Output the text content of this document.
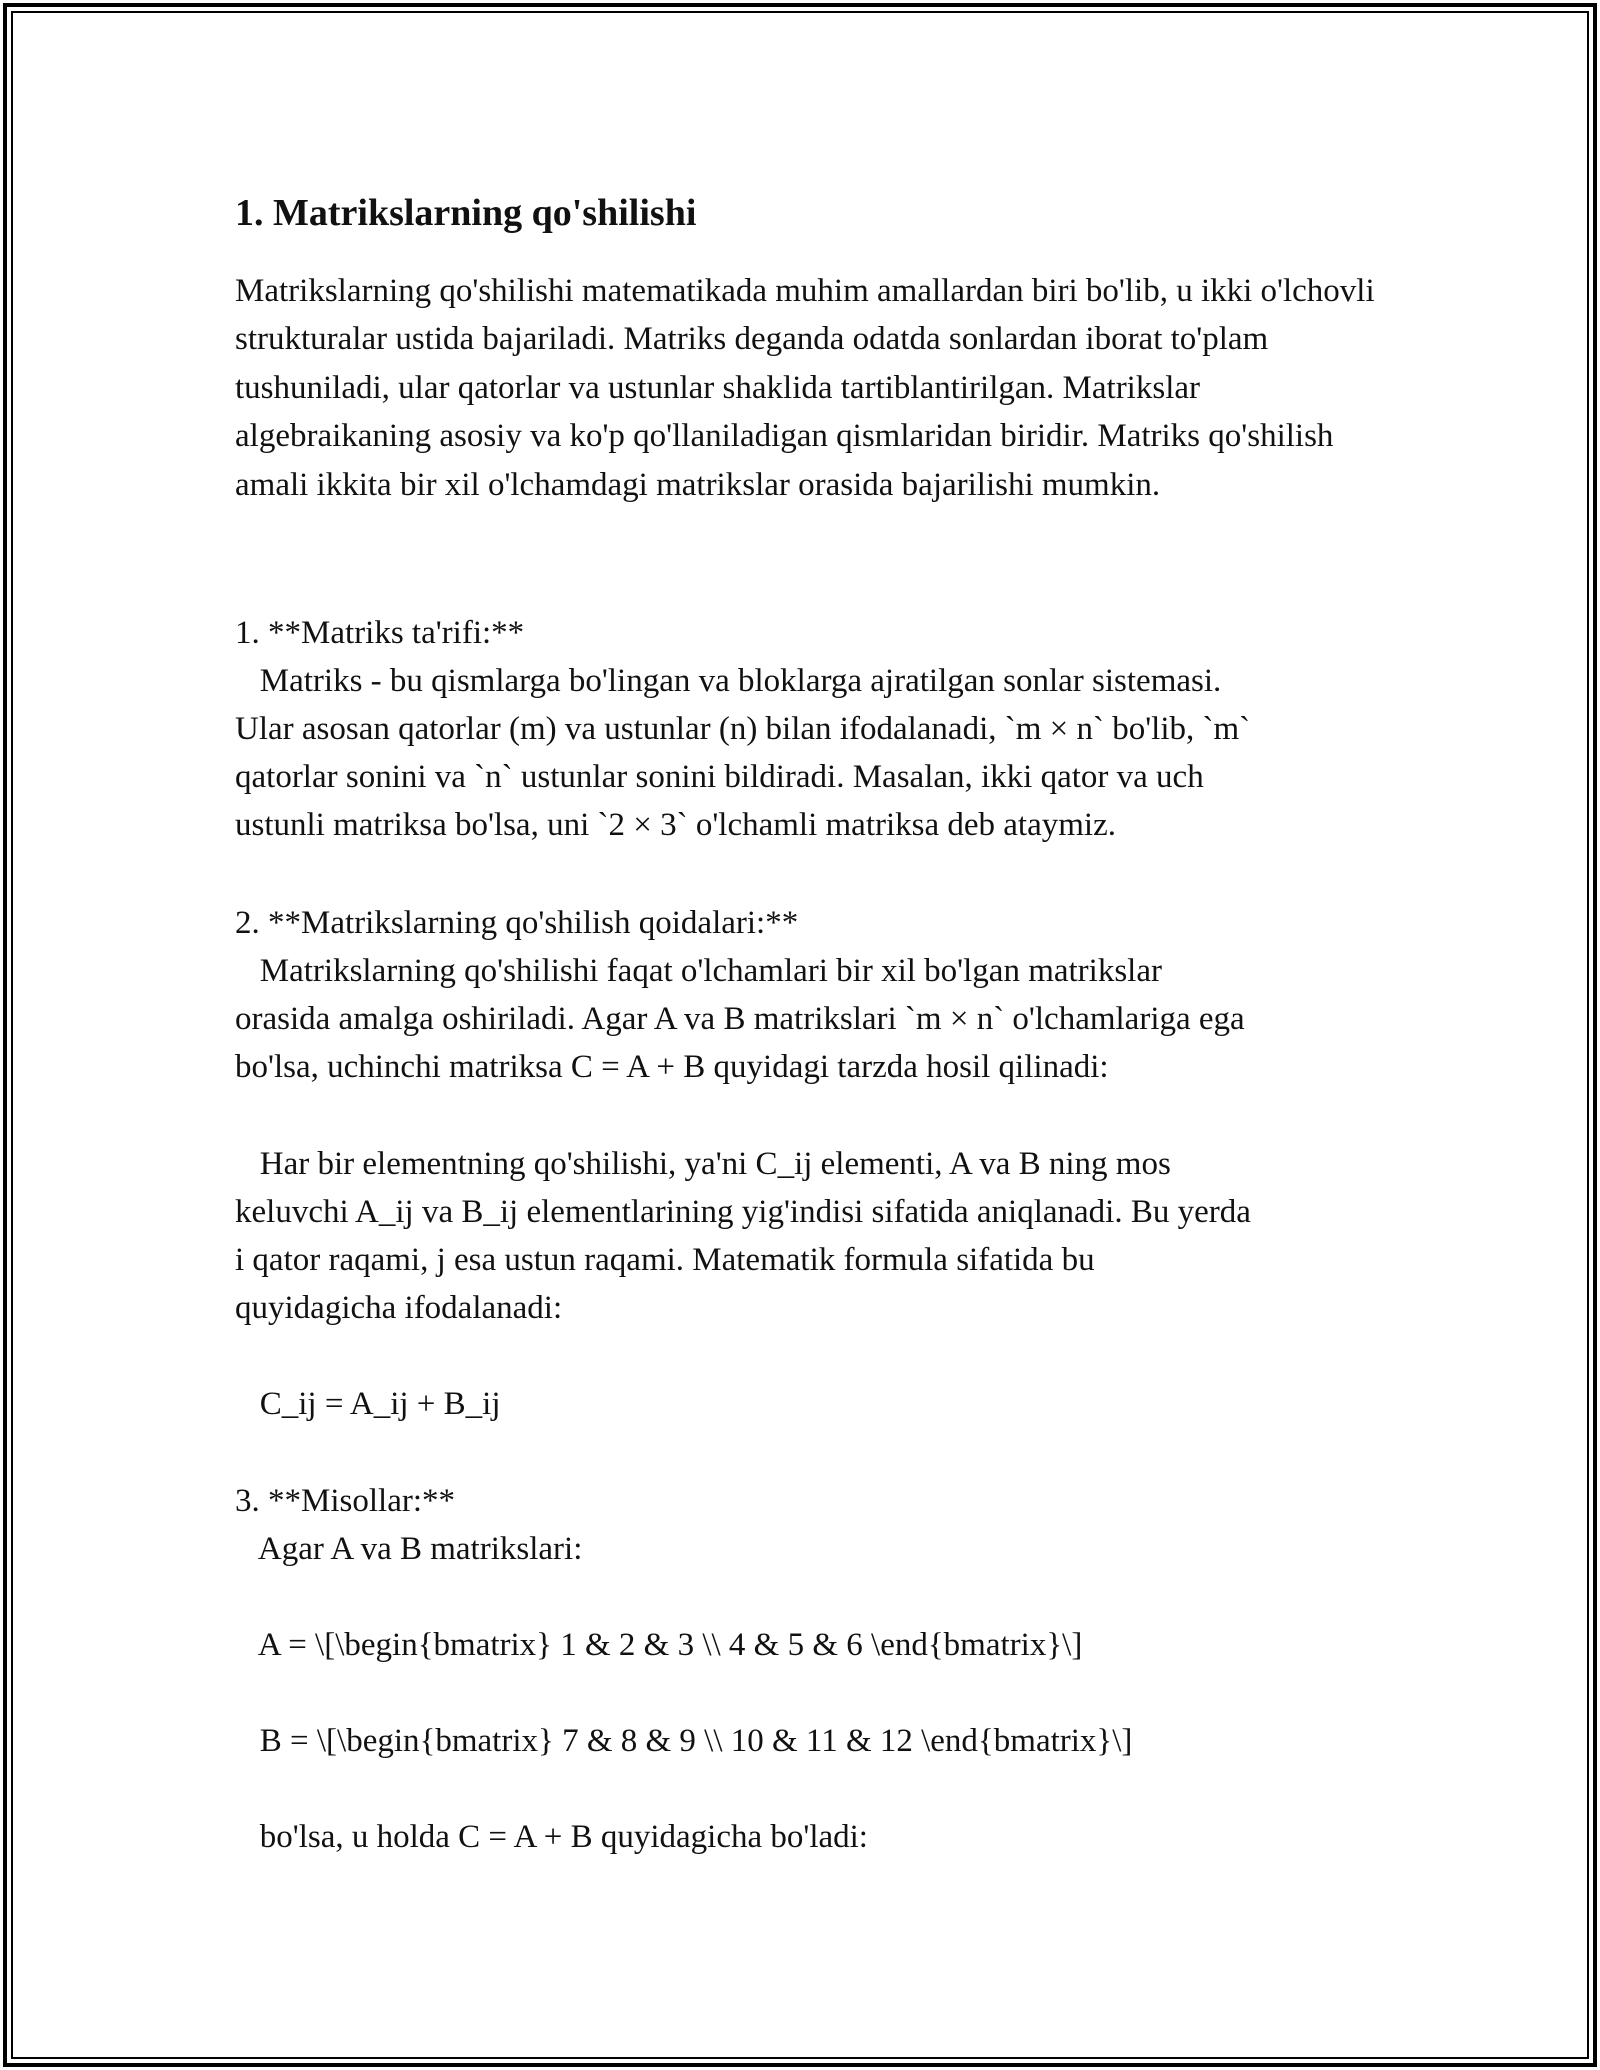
1. Matrikslarning qo'shilishi

Matrikslarning qo'shilishi matematikada muhim amallardan biri bo'lib, u ikki o'lchovli strukturalar ustida bajariladi. Matriks deganda odatda sonlardan iborat to'plam tushuniladi, ular qatorlar va ustunlar shaklida tartiblantirilgan. Matrikslar algebraikaning asosiy va ko'p qo'llaniladigan qismlaridan biridir. Matriks qo'shilish amali ikkita bir xil o'lchamdagi matrikslar orasida bajarilishi mumkin.

1. **Matriks ta'rifi:**
Matriks - bu qismlarga bo'lingan va bloklarga ajratilgan sonlar sistemasi.
Ular asosan qatorlar (m) va ustunlar (n) bilan ifodalanadi, `m × n` bo'lib, `m`
qatorlar sonini va `n` ustunlar sonini bildiradi. Masalan, ikki qator va uch
ustunli matriksa bo'lsa, uni `2 × 3` o'lchamli matriksa deb ataymiz.
2. **Matrikslarning qo'shilish qoidalari:**
Matrikslarning qo'shilishi faqat o'lchamlari bir xil bo'lgan matrikslar
orasida amalga oshiriladi. Agar A va B matrikslari `m × n` o'lchamlariga ega
bo'lsa, uchinchi matriksa C = A + B quyidagi tarzda hosil qilinadi:
Har bir elementning qo'shilishi, ya'ni C_ij elementi, A va B ning mos
keluvchi A_ij va B_ij elementlarining yig'indisi sifatida aniqlanadi. Bu yerda
i qator raqami, j esa ustun raqami. Matematik formula sifatida bu
quyidagicha ifodalanadi:
C_ij = A_ij + B_ij
3. **Misollar:**
Agar A va B matrikslari:
A = \[\begin{bmatrix} 1 & 2 & 3 \\ 4 & 5 & 6 \end{bmatrix}\]
B = \[\begin{bmatrix} 7 & 8 & 9 \\ 10 & 11 & 12 \end{bmatrix}\]
bo'lsa, u holda C = A + B quyidagicha bo'ladi:
